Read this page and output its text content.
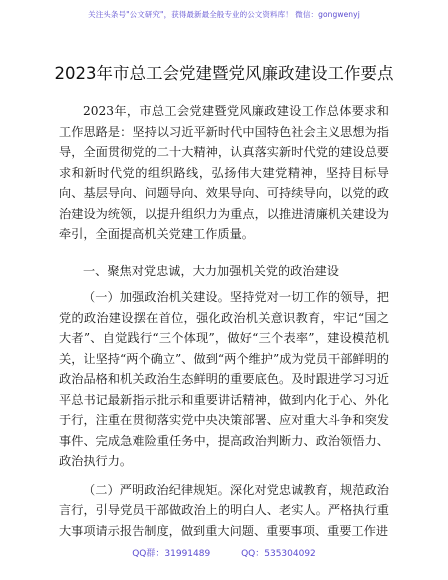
关注头条号"公文研究"，获得最新最全般专业的公文资料库！ 微信：gongwenyj
2023年市总工会党建暨党风廉政建设工作要点

2023年，市总工会党建暨党风廉政建设工作总体要求和工作思路是：坚持以习近平新时代中国特色社会主义思想为指导，全面贯彻党的二十大精神，认真落实新时代党的建设总要求和新时代党的组织路线，弘扬伟大建党精神，坚持目标导向、基层导向、问题导向、效果导向、可持续导向，以党的政治建设为统领，以提升组织力为重点，以推进清廉机关建设为牵引，全面提高机关党建工作质量。

一、聚焦对党忠诚，大力加强机关党的政治建设

（一）加强政治机关建设。坚持党对一切工作的领导，把党的政治建设摆在首位，强化政治机关意识教育，牢记“国之大者”、自觉践行“三个体现”，做好“三个表率”，建设模范机关，让坚持“两个确立”、做到“两个维护”成为党员干部鲜明的政治品格和机关政治生态鲜明的重要底色。及时跟进学习习近平总书记最新指示批示和重要讲话精神，做到内化于心、外化于行，注重在贯彻落实党中央决策部署、应对重大斗争和突发事件、完成急难险重任务中，提高政治判断力、政治领悟力、政治执行力。

（二）严明政治纪律规矩。深化对党忠诚教育，规范政治言行，引导党员干部做政治上的明白人、老实人。严格执行重大事项请示报告制度，做到重大问题、重要事项、重要工作进

QQ群：31991489	QQ：535304092
